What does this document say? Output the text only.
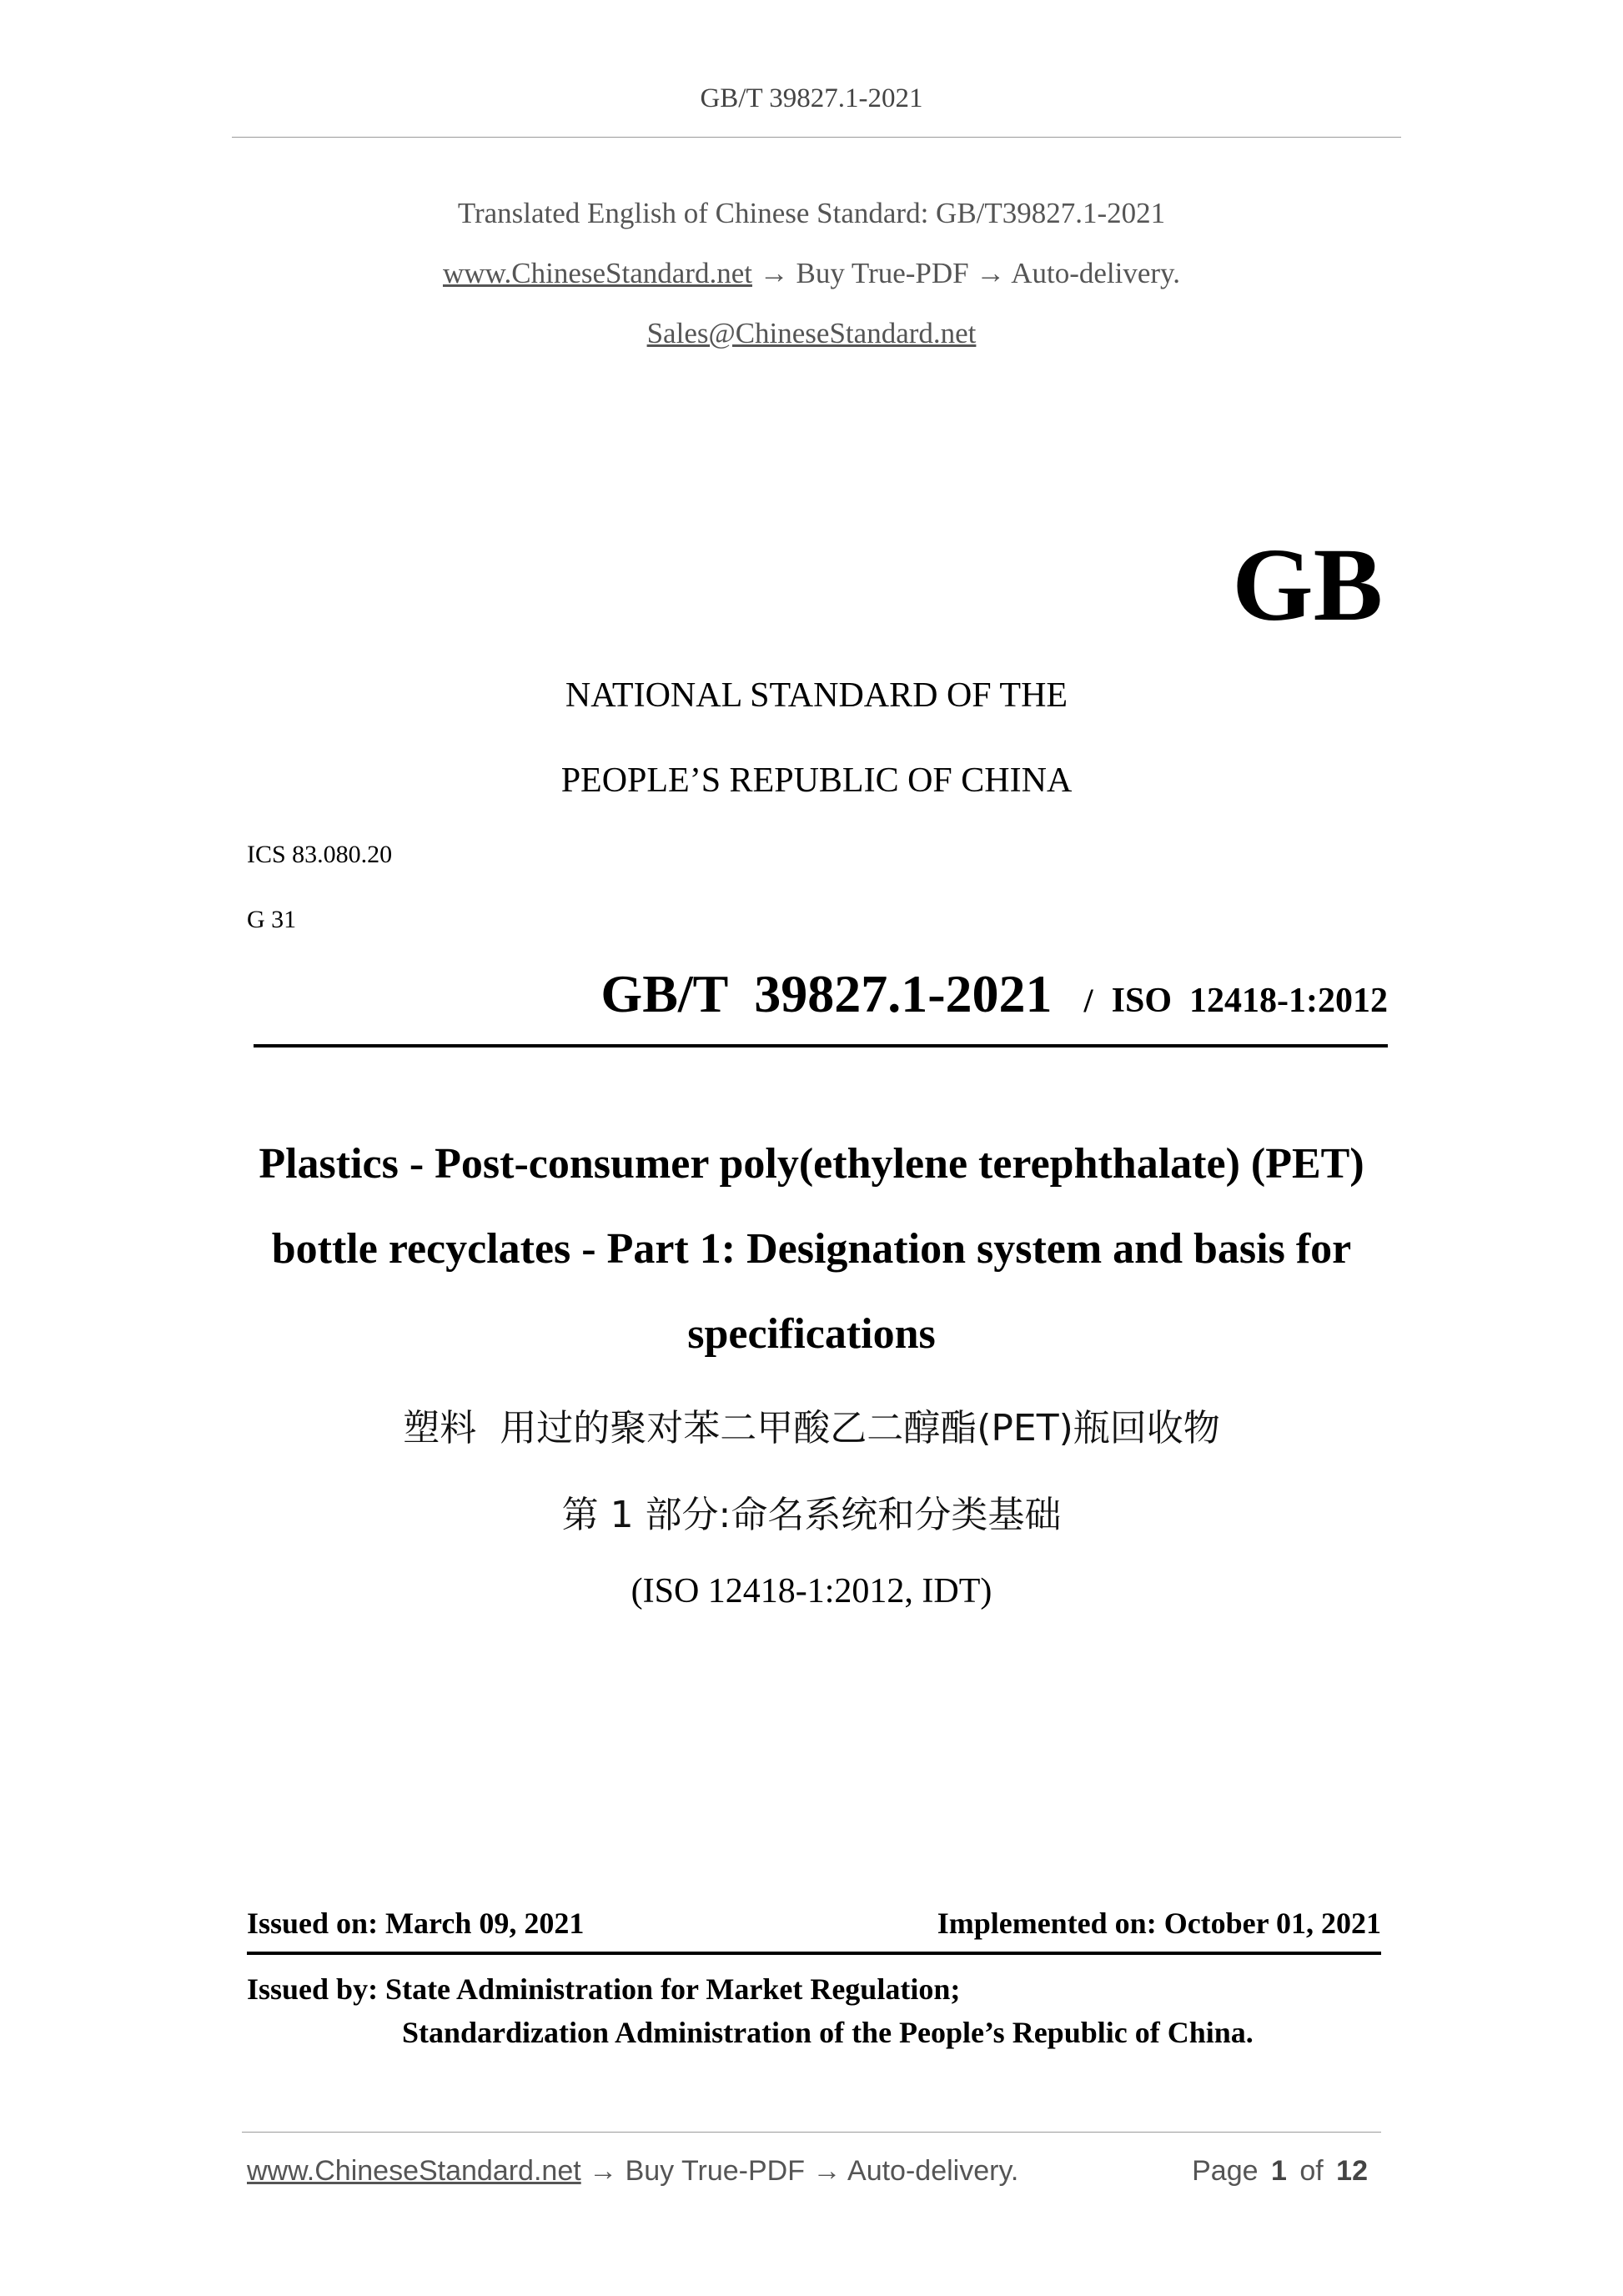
GB/T 39827.1-2021
Translated English of Chinese Standard: GB/T39827.1-2021
www.ChineseStandard.net → Buy True-PDF → Auto-delivery.
Sales@ChineseStandard.net
GB
NATIONAL STANDARD OF THE
PEOPLE’S REPUBLIC OF CHINA
ICS 83.080.20
G 31
GB/T  39827.1-2021 / ISO  12418-1:2012
Plastics - Post-consumer poly(ethylene terephthalate) (PET)
bottle recyclates - Part 1: Designation system and basis for
specifications
塑料  用过的聚对苯二甲酸乙二醇酯(PET)瓶回收物
第 1 部分:命名系统和分类基础
(ISO 12418-1:2012, IDT)
Issued on: March 09, 2021	Implemented on: October 01, 2021
Issued by: State Administration for Market Regulation;
Standardization Administration of the People’s Republic of China.
www.ChineseStandard.net → Buy True-PDF → Auto-delivery.	Page 1 of 12
